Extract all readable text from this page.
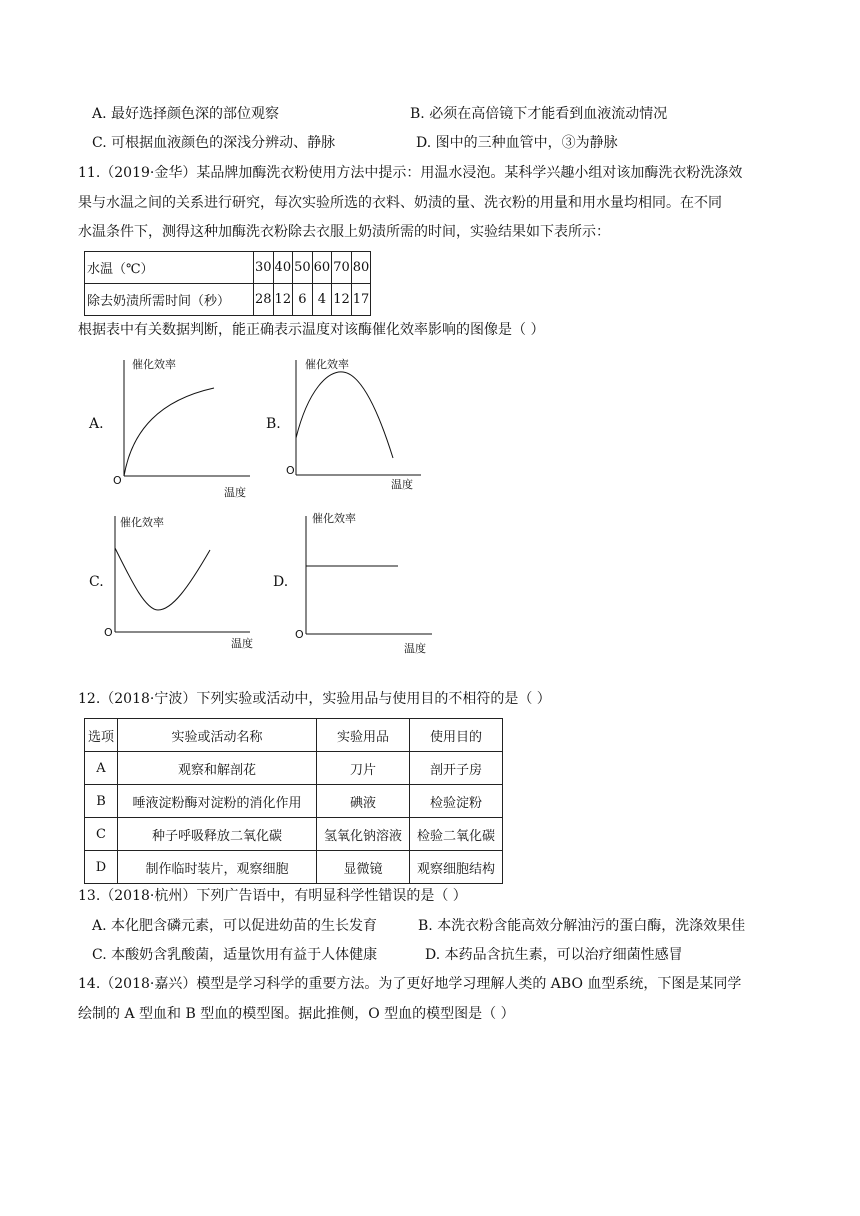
A. 最好选择颜色深的部位观察	B. 必须在高倍镜下才能看到血液流动情况
C. 可根据血液颜色的深浅分辨动、静脉	D. 图中的三种血管中，③为静脉
11.（2019·金华）某品牌加酶洗衣粉使用方法中提示：用温水浸泡。某科学兴趣小组对该加酶洗衣粉洗涤效
果与水温之间的关系进行研究，每次实验所选的衣料、奶渍的量、洗衣粉的用量和用水量均相同。在不同
水温条件下，测得这种加酶洗衣粉除去衣服上奶渍所需的时间，实验结果如下表所示：
水温（℃）	30	40	50	60	70	80
除去奶渍所需时间（秒）	28	12	6	4	12	17
根据表中有关数据判断，能正确表示温度对该酶催化效率影响的图像是（ ）
A.
催化效率
温度
O
B.
催化效率
温度
O
C.
催化效率
温度
O
D.
催化效率
温度
O
12.（2018·宁波）下列实验或活动中，实验用品与使用目的不相符的是（ ）
选项	实验或活动名称	实验用品	使用目的
A	观察和解剖花	刀片	剖开子房
B	唾液淀粉酶对淀粉的消化作用	碘液	检验淀粉
C	种子呼吸释放二氧化碳	氢氧化钠溶液	检验二氧化碳
D	制作临时装片，观察细胞	显微镜	观察细胞结构
13.（2018·杭州）下列广告语中，有明显科学性错误的是（ ）
A. 本化肥含磷元素，可以促进幼苗的生长发育	B. 本洗衣粉含能高效分解油污的蛋白酶，洗涤效果佳
C. 本酸奶含乳酸菌，适量饮用有益于人体健康	D. 本药品含抗生素，可以治疗细菌性感冒
14.（2018·嘉兴）模型是学习科学的重要方法。为了更好地学习理解人类的 ABO 血型系统，下图是某同学
绘制的 A 型血和 B 型血的模型图。据此推侧，O 型血的模型图是（ ）
